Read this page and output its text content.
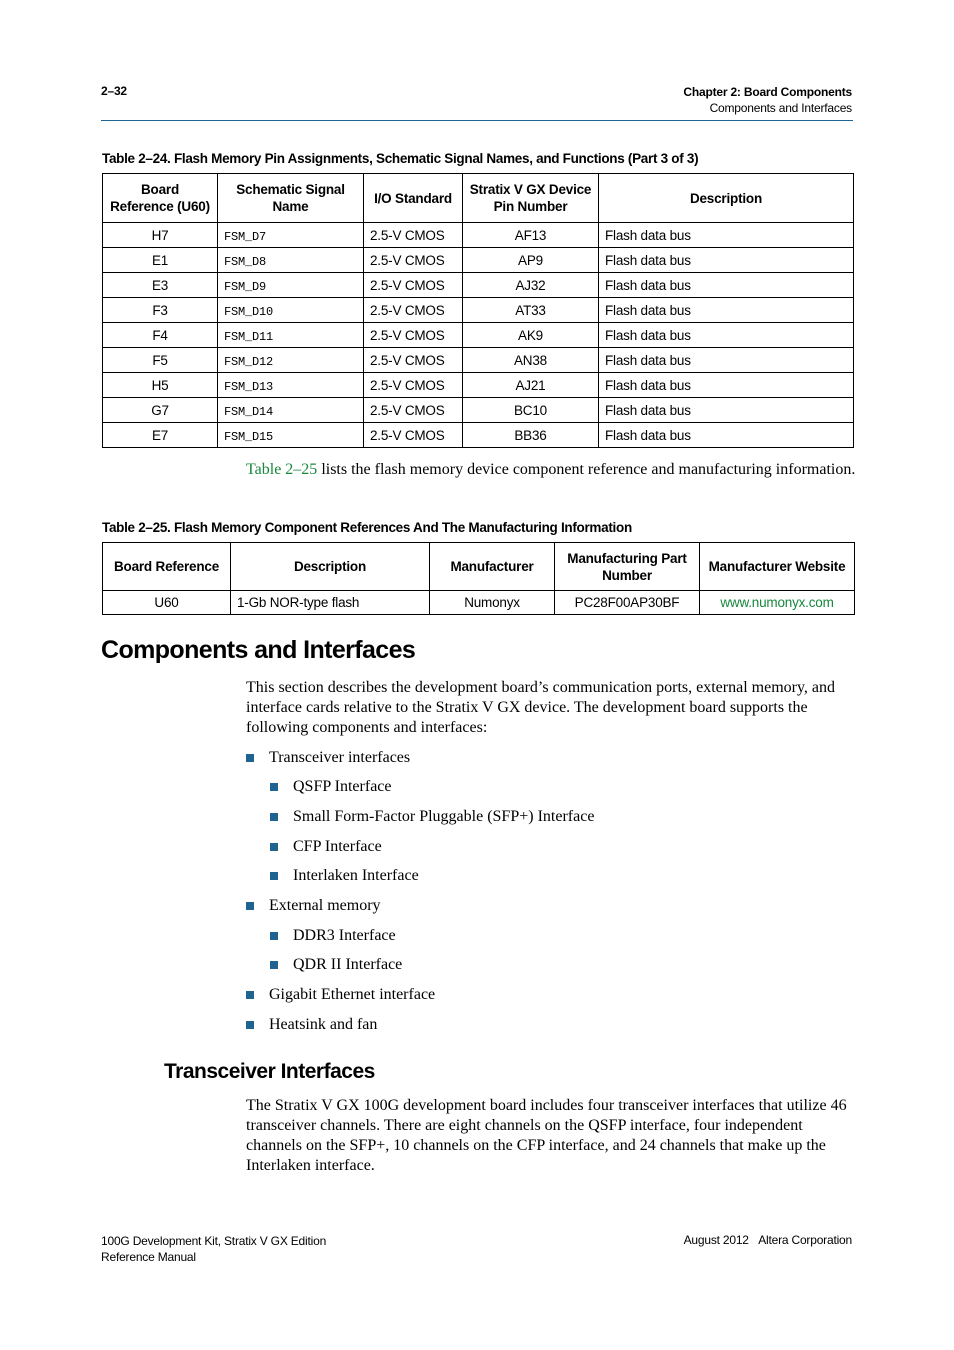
2–32	Chapter 2: Board Components
Components and Interfaces
Table 2–24. Flash Memory Pin Assignments, Schematic Signal Names, and Functions (Part 3 of 3)
Board Reference (U60)	Schematic Signal Name	I/O Standard	Stratix V GX Device Pin Number	Description
H7	FSM_D7	2.5-V CMOS	AF13	Flash data bus
E1	FSM_D8	2.5-V CMOS	AP9	Flash data bus
E3	FSM_D9	2.5-V CMOS	AJ32	Flash data bus
F3	FSM_D10	2.5-V CMOS	AT33	Flash data bus
F4	FSM_D11	2.5-V CMOS	AK9	Flash data bus
F5	FSM_D12	2.5-V CMOS	AN38	Flash data bus
H5	FSM_D13	2.5-V CMOS	AJ21	Flash data bus
G7	FSM_D14	2.5-V CMOS	BC10	Flash data bus
E7	FSM_D15	2.5-V CMOS	BB36	Flash data bus
Table 2–25 lists the flash memory device component reference and manufacturing information.
Table 2–25. Flash Memory Component References And The Manufacturing Information
Board Reference	Description	Manufacturer	Manufacturing Part Number	Manufacturer Website
U60	1-Gb NOR-type flash	Numonyx	PC28F00AP30BF	www.numonyx.com
Components and Interfaces
This section describes the development board’s communication ports, external memory, and interface cards relative to the Stratix V GX device. The development board supports the following components and interfaces:
Transceiver interfaces
QSFP Interface
Small Form-Factor Pluggable (SFP+) Interface
CFP Interface
Interlaken Interface
External memory
DDR3 Interface
QDR II Interface
Gigabit Ethernet interface
Heatsink and fan
Transceiver Interfaces
The Stratix V GX 100G development board includes four transceiver interfaces that utilize 46 transceiver channels. There are eight channels on the QSFP interface, four independent channels on the SFP+, 10 channels on the CFP interface, and 24 channels that make up the Interlaken interface.
100G Development Kit, Stratix V GX Edition
Reference Manual
August 2012 Altera Corporation
